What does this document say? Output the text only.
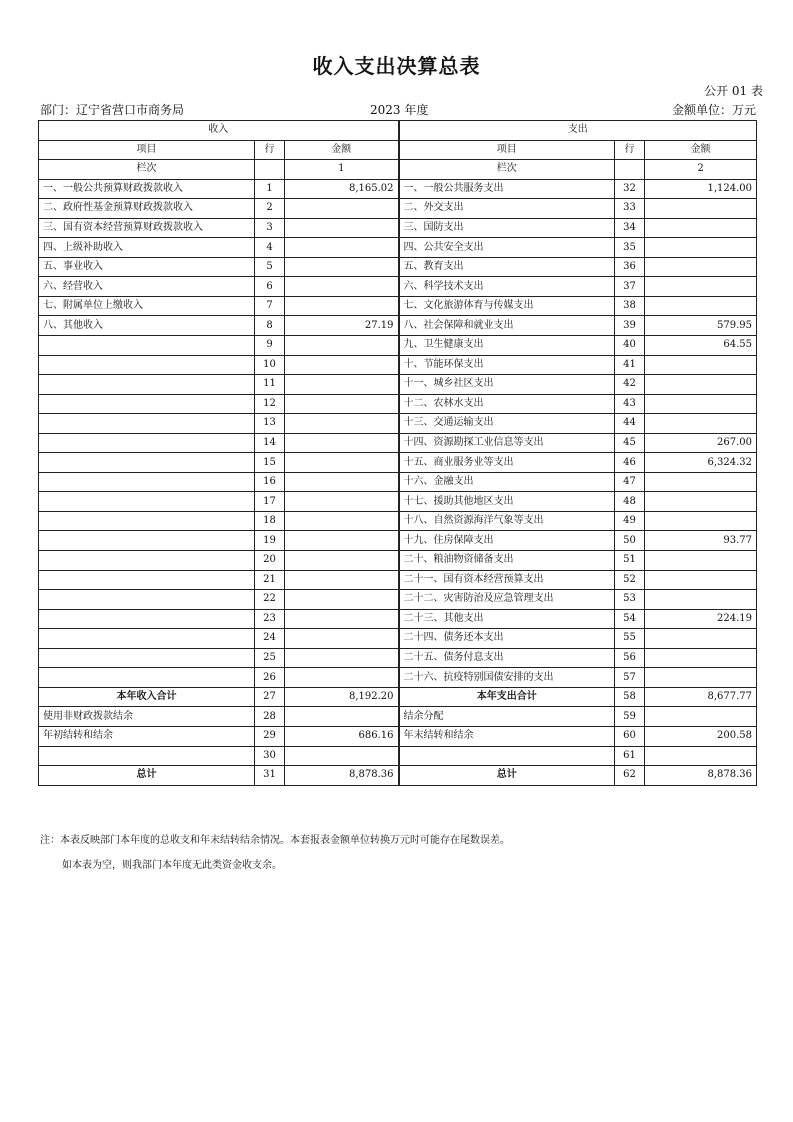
收入支出决算总表
公开 01 表
部门：辽宁省营口市商务局	2023 年度	金额单位：万元
收入			支出		
项目	行	金额	项目	行	金额
栏次		1	栏次		2
一、一般公共预算财政拨款收入	1	8,165.02	一、一般公共服务支出	32	1,124.00
二、政府性基金预算财政拨款收入	2		二、外交支出	33	
三、国有资本经营预算财政拨款收入	3		三、国防支出	34	
四、上级补助收入	4		四、公共安全支出	35	
五、事业收入	5		五、教育支出	36	
六、经营收入	6		六、科学技术支出	37	
七、附属单位上缴收入	7		七、文化旅游体育与传媒支出	38	
八、其他收入	8	27.19	八、社会保障和就业支出	39	579.95
	9		九、卫生健康支出	40	64.55
	10		十、节能环保支出	41	
	11		十一、城乡社区支出	42	
	12		十二、农林水支出	43	
	13		十三、交通运输支出	44	
	14		十四、资源勘探工业信息等支出	45	267.00
	15		十五、商业服务业等支出	46	6,324.32
	16		十六、金融支出	47	
	17		十七、援助其他地区支出	48	
	18		十八、自然资源海洋气象等支出	49	
	19		十九、住房保障支出	50	93.77
	20		二十、粮油物资储备支出	51	
	21		二十一、国有资本经营预算支出	52	
	22		二十二、灾害防治及应急管理支出	53	
	23		二十三、其他支出	54	224.19
	24		二十四、债务还本支出	55	
	25		二十五、债务付息支出	56	
	26		二十六、抗疫特别国债安排的支出	57	
本年收入合计	27	8,192.20	本年支出合计	58	8,677.77
使用非财政拨款结余	28		结余分配	59	
年初结转和结余	29	686.16	年末结转和结余	60	200.58
	30			61	
总计	31	8,878.36	总计	62	8,878.36
注：本表反映部门本年度的总收支和年末结转结余情况。本套报表金额单位转换万元时可能存在尾数误差。
如本表为空，则我部门本年度无此类资金收支余。
